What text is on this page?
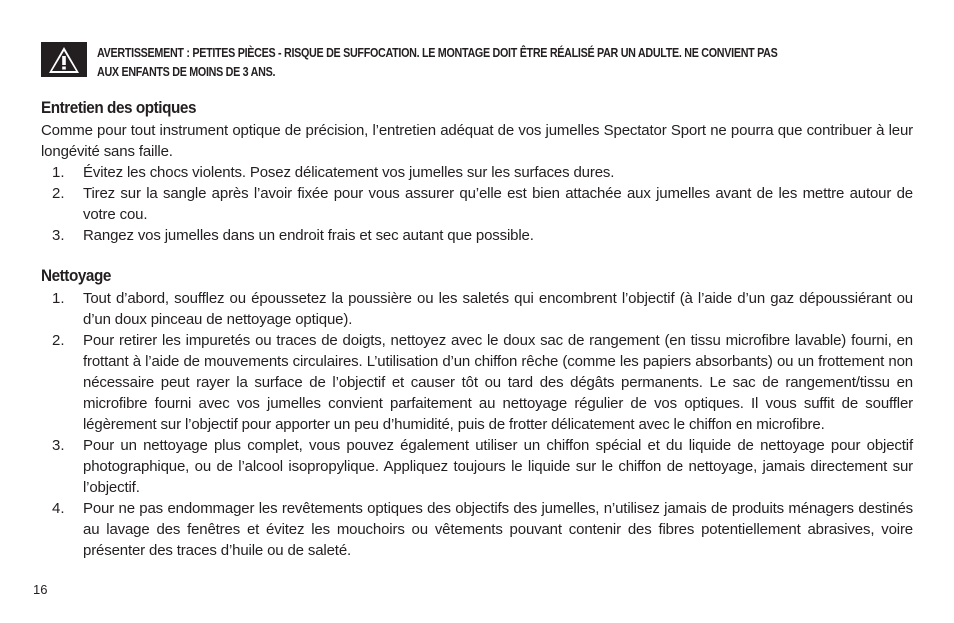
AVERTISSEMENT : PETITES PIÈCES - RISQUE DE SUFFOCATION. LE MONTAGE DOIT ÊTRE RÉALISÉ PAR UN ADULTE. NE CONVIENT PAS AUX ENFANTS DE MOINS DE 3 ANS.
Entretien des optiques

Comme pour tout instrument optique de précision, l’entretien adéquat de vos jumelles Spectator Sport ne pourra que contribuer à leur longévité sans faille.

1.	Évitez les chocs violents. Posez délicatement vos jumelles sur les surfaces dures.
2.	Tirez sur la sangle après l’avoir fixée pour vous assurer qu’elle est bien attachée aux jumelles avant de les mettre autour de votre cou.
3.	Rangez vos jumelles dans un endroit frais et sec autant que possible.
Nettoyage
1.	Tout d’abord, soufflez ou époussetez la poussière ou les saletés qui encombrent l’objectif (à l’aide d’un gaz dépoussiérant ou d’un doux pinceau de nettoyage optique).
2.	Pour retirer les impuretés ou traces de doigts, nettoyez avec le doux sac de rangement (en tissu microfibre lavable) fourni, en frottant à l’aide de mouvements circulaires. L’utilisation d’un chiffon rêche (comme les papiers absorbants) ou un frottement non nécessaire peut rayer la surface de l’objectif et causer tôt ou tard des dégâts permanents. Le sac de rangement/tissu en microfibre fourni avec vos jumelles convient parfaitement au nettoyage régulier de vos optiques. Il vous suffit de souffler légèrement sur l’objectif pour apporter un peu d’humidité, puis de frotter délicatement avec le chiffon en microfibre.
3.	Pour un nettoyage plus complet, vous pouvez également utiliser un chiffon spécial et du liquide de nettoyage pour objectif photographique, ou de l’alcool isopropylique. Appliquez toujours le liquide sur le chiffon de nettoyage, jamais directement sur l’objectif.
4.	Pour ne pas endommager les revêtements optiques des objectifs des jumelles, n’utilisez jamais de produits ménagers destinés au lavage des fenêtres et évitez les mouchoirs ou vêtements pouvant contenir des fibres potentiellement abrasives, voire présenter des traces d’huile ou de saleté.
16
